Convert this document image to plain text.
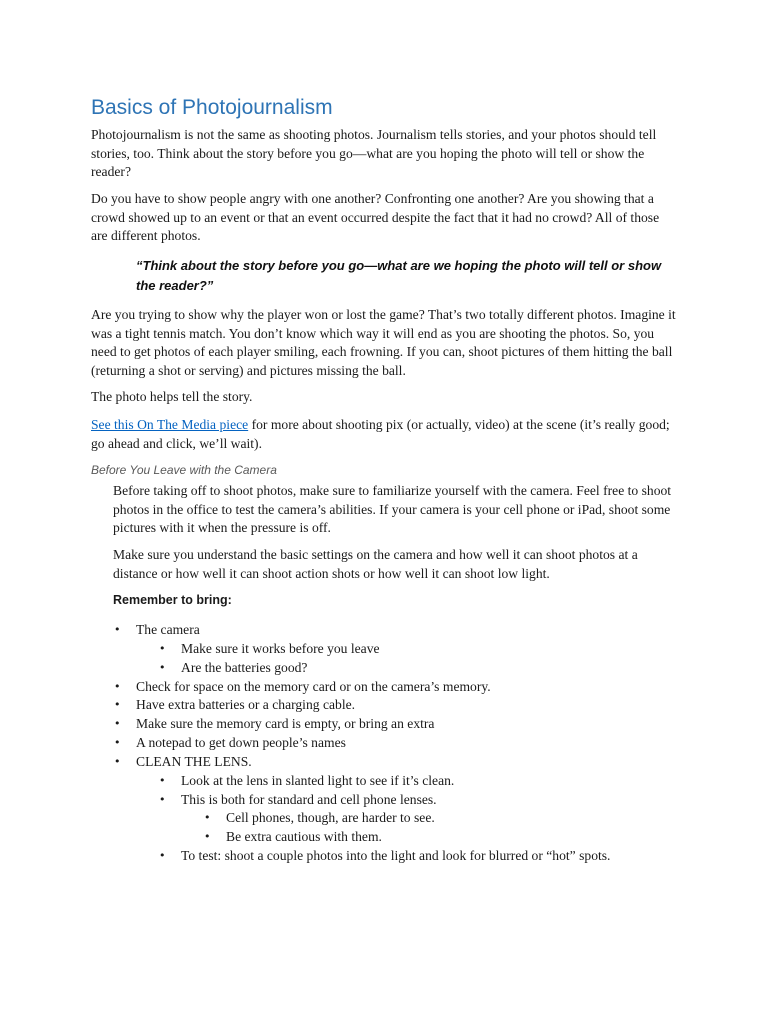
Basics of Photojournalism

Photojournalism is not the same as shooting photos. Journalism tells stories, and your photos should tell stories, too. Think about the story before you go—what are you hoping the photo will tell or show the reader?

Do you have to show people angry with one another? Confronting one another? Are you showing that a crowd showed up to an event or that an event occurred despite the fact that it had no crowd? All of those are different photos.

“Think about the story before you go—what are we hoping the photo will tell or show the reader?”

Are you trying to show why the player won or lost the game? That’s two totally different photos. Imagine it was a tight tennis match. You don’t know which way it will end as you are shooting the photos. So, you need to get photos of each player smiling, each frowning. If you can, shoot pictures of them hitting the ball (returning a shot or serving) and pictures missing the ball.

The photo helps tell the story.

See this On The Media piece for more about shooting pix (or actually, video) at the scene (it’s really good; go ahead and click, we’ll wait).

Before You Leave with the Camera

Before taking off to shoot photos, make sure to familiarize yourself with the camera. Feel free to shoot photos in the office to test the camera’s abilities. If your camera is your cell phone or iPad, shoot some pictures with it when the pressure is off.

Make sure you understand the basic settings on the camera and how well it can shoot photos at a distance or how well it can shoot action shots or how well it can shoot low light.

Remember to bring:

• The camera
• Make sure it works before you leave
• Are the batteries good?
• Check for space on the memory card or on the camera’s memory.
• Have extra batteries or a charging cable.
• Make sure the memory card is empty, or bring an extra
• A notepad to get down people’s names
• CLEAN THE LENS.
• Look at the lens in slanted light to see if it’s clean.
• This is both for standard and cell phone lenses.
• Cell phones, though, are harder to see.
• Be extra cautious with them.
• To test: shoot a couple photos into the light and look for blurred or “hot” spots.
